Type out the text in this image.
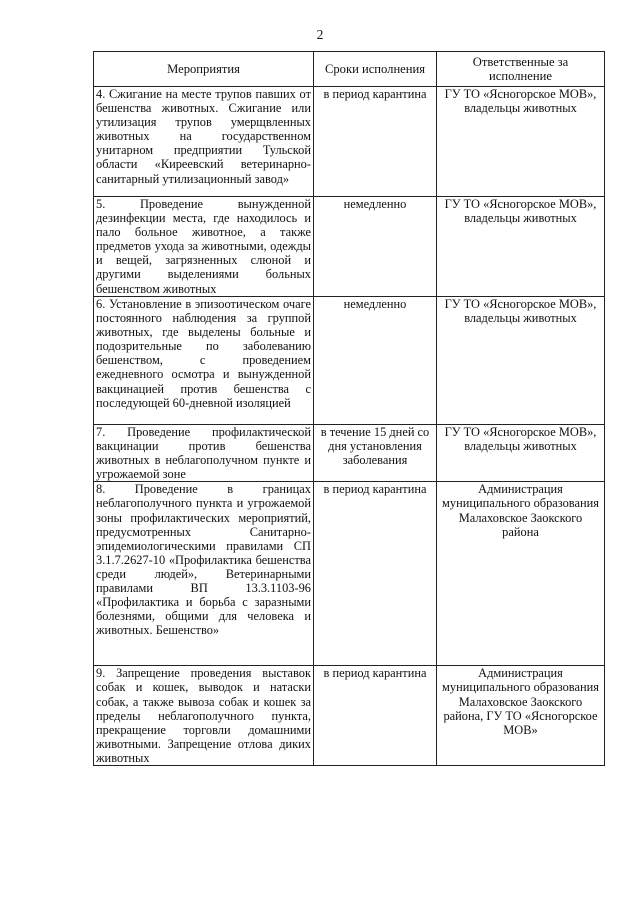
2
Мероприятия	Сроки исполнения	Ответственные за исполнение
4. Сжигание на месте трупов павших от бешенства животных. Сжигание или утилизация трупов умерщвленных животных на государственном унитарном предприятии Тульской области «Киреевский ветеринарно-санитарный утилизационный завод»	в период карантина	ГУ ТО «Ясногорское МОВ», владельцы животных
5. Проведение вынужденной дезинфекции места, где находилось и пало больное животное, а также предметов ухода за животными, одежды и вещей, загрязненных слюной и другими выделениями больных бешенством животных	немедленно	ГУ ТО «Ясногорское МОВ», владельцы животных
6. Установление в эпизоотическом очаге постоянного наблюдения за группой животных, где выделены больные и подозрительные по заболеванию бешенством, с проведением ежедневного осмотра и вынужденной вакцинацией против бешенства с последующей 60-дневной изоляцией	немедленно	ГУ ТО «Ясногорское МОВ», владельцы животных
7. Проведение профилактической вакцинации против бешенства животных в неблагополучном пункте и угрожаемой зоне	в течение 15 дней со дня установления заболевания	ГУ ТО «Ясногорское МОВ», владельцы животных
8. Проведение в границах неблагополучного пункта и угрожаемой зоны профилактических мероприятий, предусмотренных Санитарно-эпидемиологическими правилами СП 3.1.7.2627-10 «Профилактика бешенства среди людей», Ветеринарными правилами ВП 13.3.1103-96 «Профилактика и борьба с заразными болезнями, общими для человека и животных. Бешенство»	в период карантина	Администрация муниципального образования Малаховское Заокского района
9. Запрещение проведения выставок собак и кошек, выводок и натаски собак, а также вывоза собак и кошек за пределы неблагополучного пункта, прекращение торговли домашними животными. Запрещение отлова диких животных	в период карантина	Администрация муниципального образования Малаховское Заокского района, ГУ ТО «Ясногорское МОВ»
